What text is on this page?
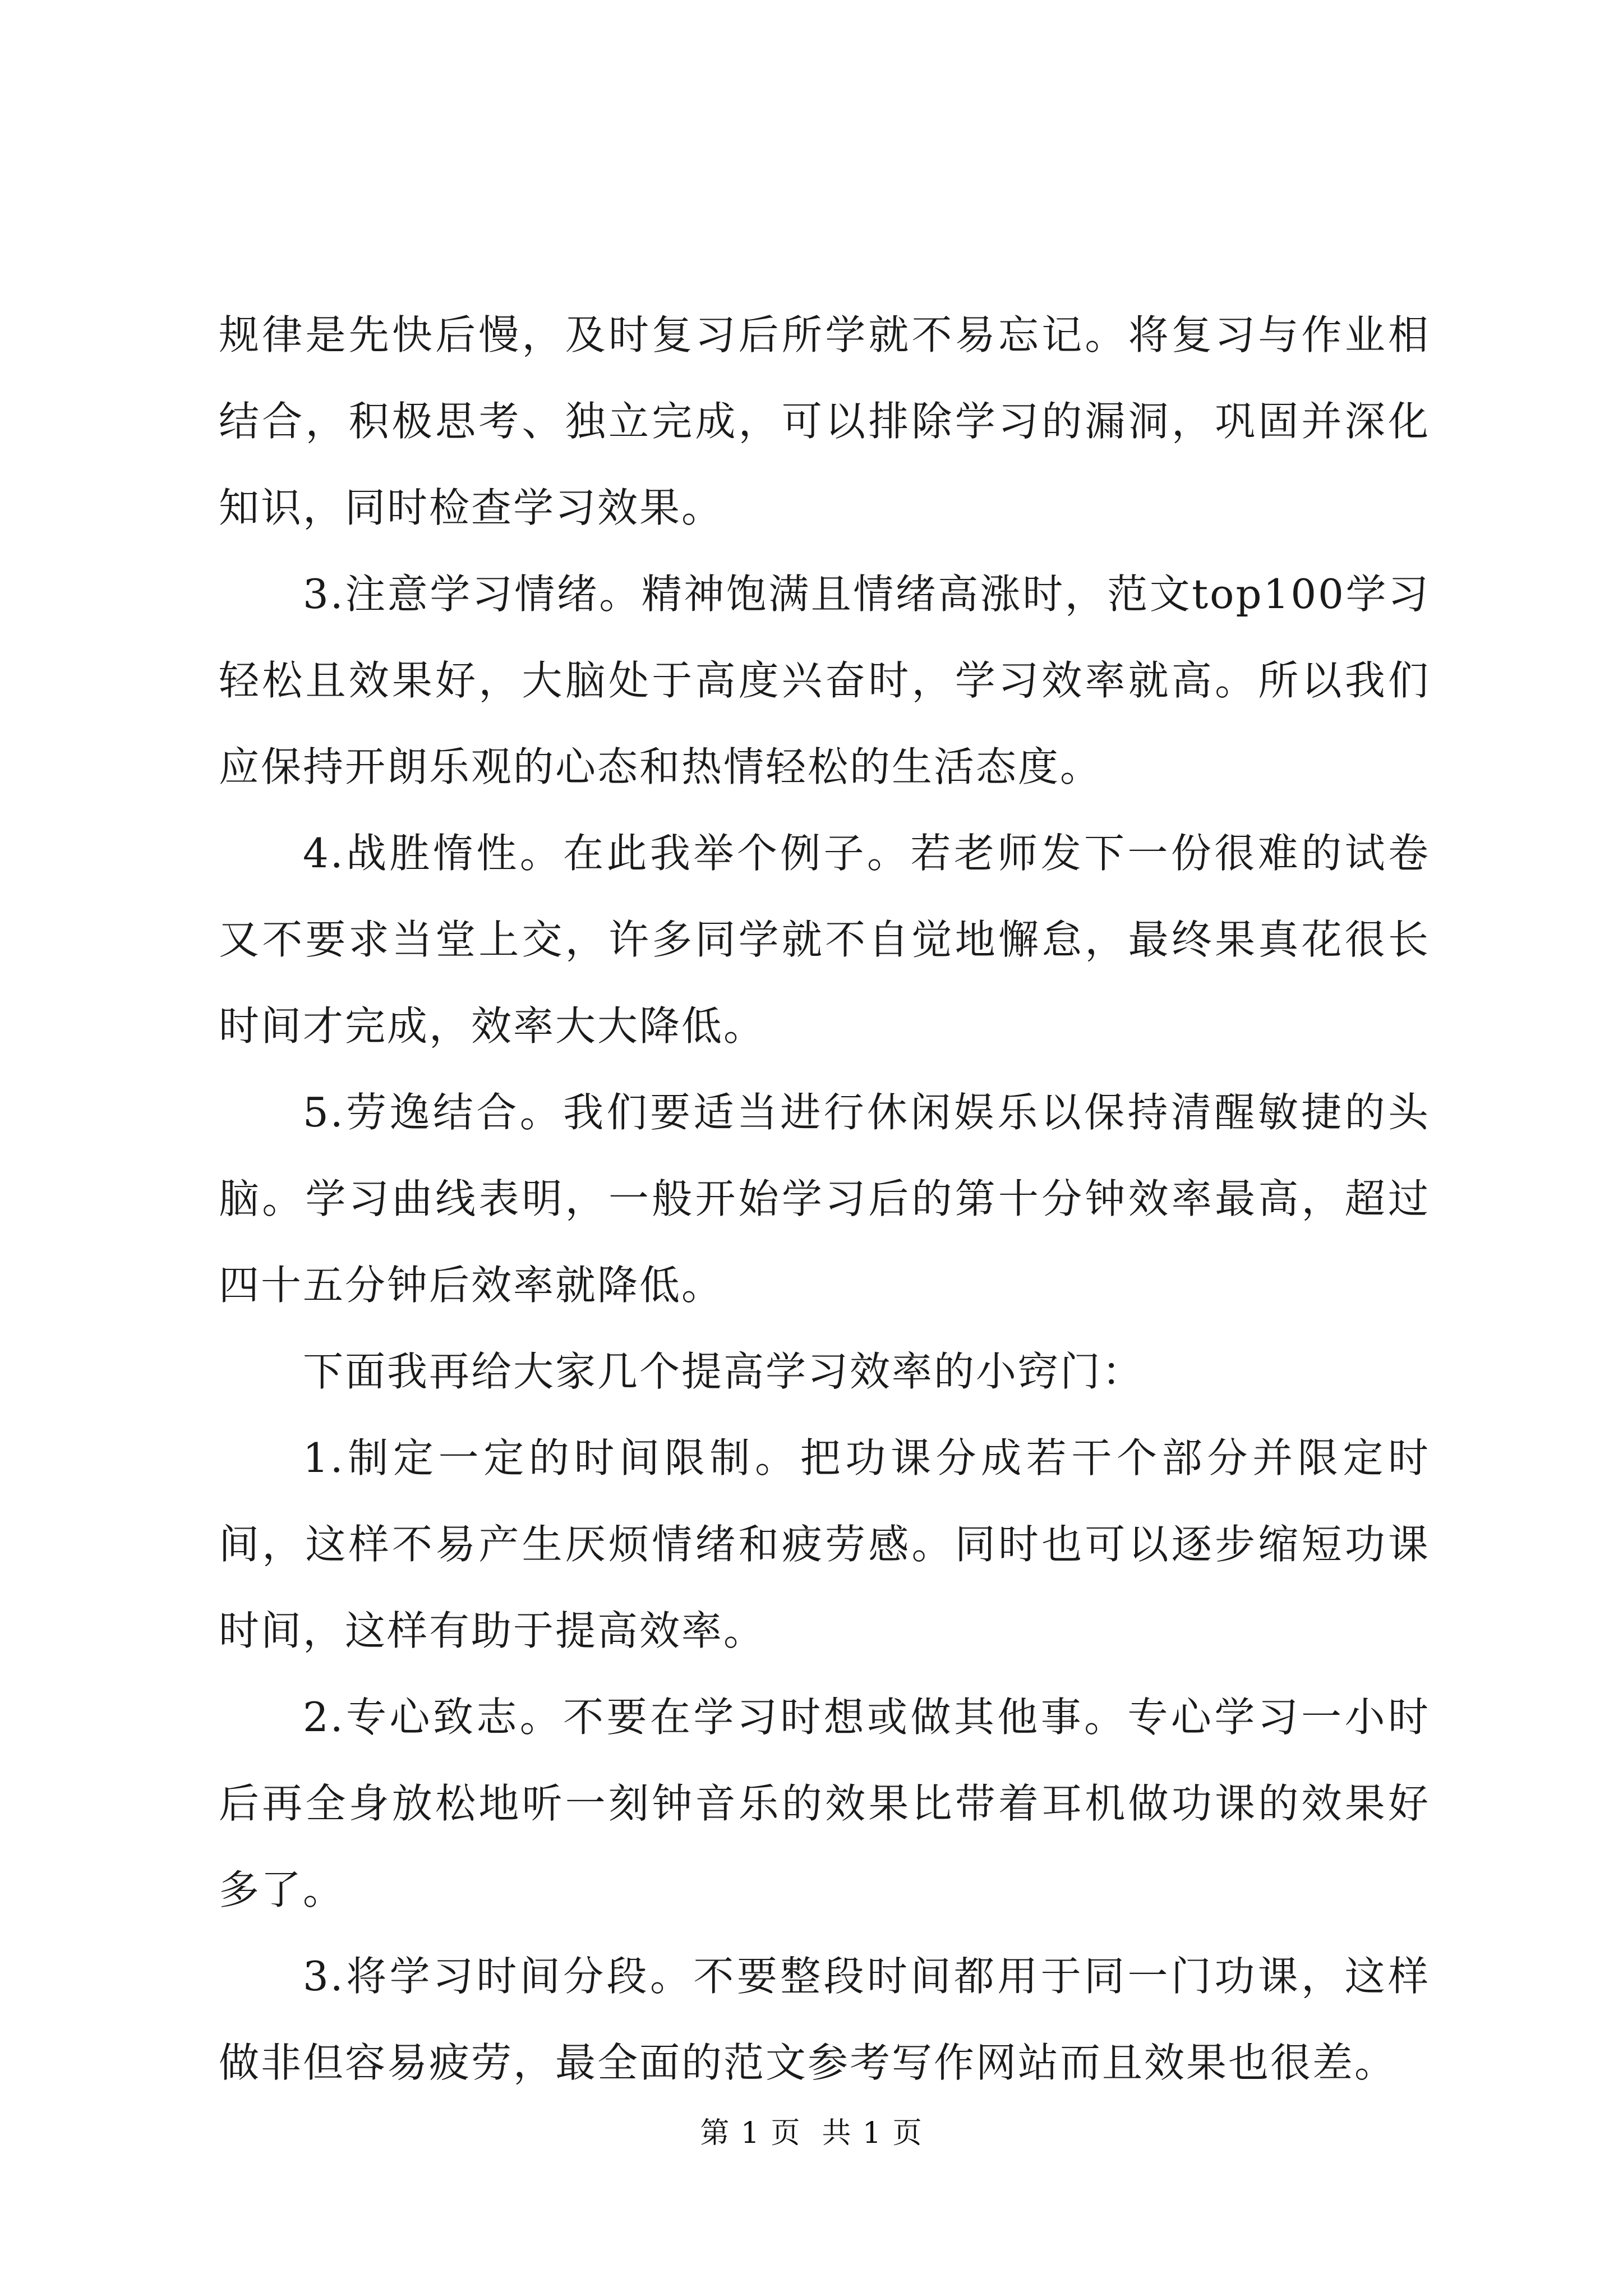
规律是先快后慢，及时复习后所学就不易忘记。将复习与作业相结合，积极思考、独立完成，可以排除学习的漏洞，巩固并深化知识，同时检查学习效果。

3.注意学习情绪。精神饱满且情绪高涨时，范文top100学习轻松且效果好，大脑处于高度兴奋时，学习效率就高。所以我们应保持开朗乐观的心态和热情轻松的生活态度。

4.战胜惰性。在此我举个例子。若老师发下一份很难的试卷又不要求当堂上交，许多同学就不自觉地懈怠，最终果真花很长时间才完成，效率大大降低。

5.劳逸结合。我们要适当进行休闲娱乐以保持清醒敏捷的头脑。学习曲线表明，一般开始学习后的第十分钟效率最高，超过四十五分钟后效率就降低。

下面我再给大家几个提高学习效率的小窍门：

1.制定一定的时间限制。把功课分成若干个部分并限定时间，这样不易产生厌烦情绪和疲劳感。同时也可以逐步缩短功课时间，这样有助于提高效率。

2.专心致志。不要在学习时想或做其他事。专心学习一小时后再全身放松地听一刻钟音乐的效果比带着耳机做功课的效果好多了。

3.将学习时间分段。不要整段时间都用于同一门功课，这样做非但容易疲劳，最全面的范文参考写作网站而且效果也很差。

第 1 页  共 1 页
